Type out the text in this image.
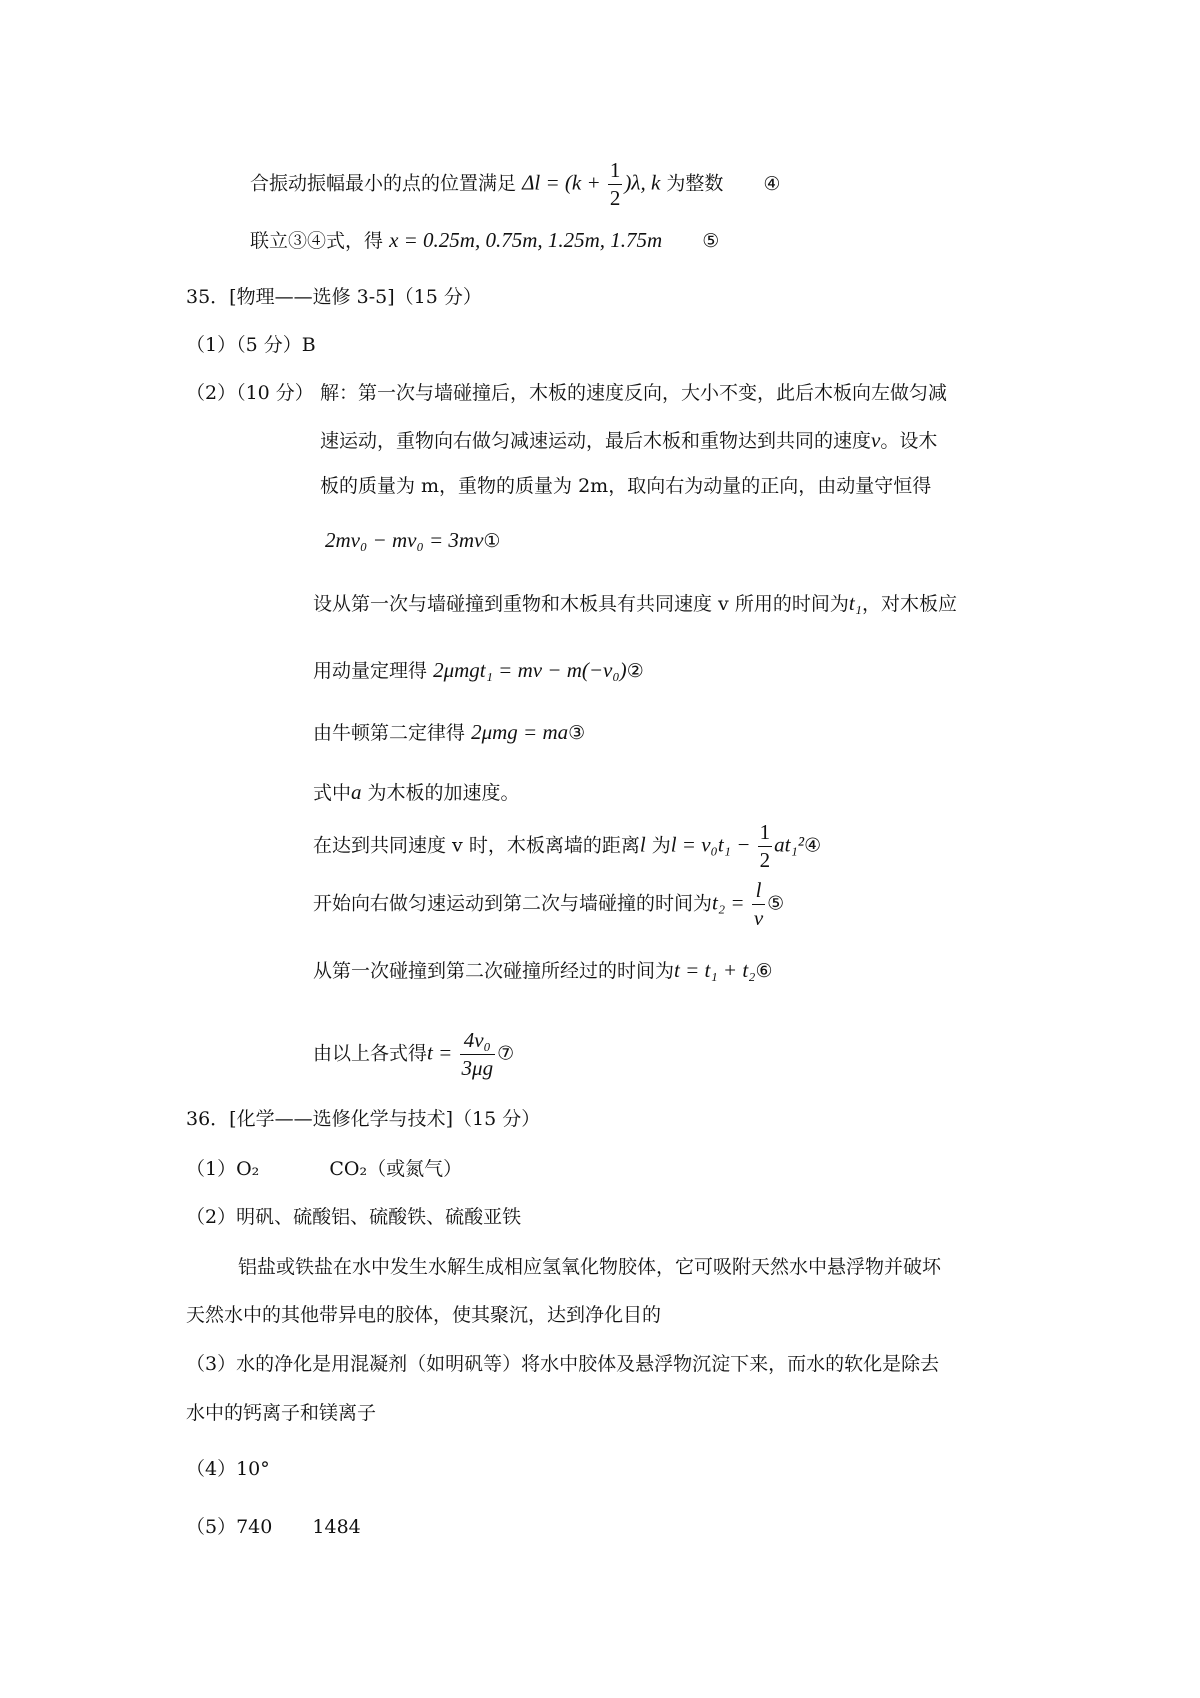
合振动振幅最小的点的位置满足 $\Delta l = (k + \frac{1}{2} )\lambda$, k 为整数 ④
联立③④式，得 x = 0.25m, 0.75m, 1.25m, 1.75m ⑤
35．[物理——选修 3-5]（15 分）
（1）（5 分）B
（2）（10 分） 解：第一次与墙碰撞后，木板的速度反向，大小不变，此后木板向左做匀减
速运动，重物向右做匀减速运动，最后木板和重物达到共同的速度v。设木
板的质量为 m，重物的质量为 2m，取向右为动量的正向，由动量守恒得
2mv₀ − mv₀ = 3mv①
设从第一次与墙碰撞到重物和木板具有共同速度 v 所用的时间为t₁，对木板应
用动量定理得 2μmgt₁ = mv − m(−v₀)②
由牛顿第二定律得 2μmg = ma③
式中a 为木板的加速度。
在达到共同速度 v 时，木板离墙的距离l 为$l = v_0t_1 - \frac{1}{2}$ at₁²④
开始向右做匀速运动到第二次与墙碰撞的时间为$t_2 = \frac{l}{v}$ ⑤
从第一次碰撞到第二次碰撞所经过的时间为t = t₁ + t₂⑥
由以上各式得$t = \frac{\text{4v₀}}{3\mu g}$ ⑦
36．[化学——选修化学与技术]（15 分）
（1）O₂	CO₂（或氮气）
（2）明矾、硫酸铝、硫酸铁、硫酸亚铁
铝盐或铁盐在水中发生水解生成相应氢氧化物胶体，它可吸附天然水中悬浮物并破坏
天然水中的其他带异电的胶体，使其聚沉，达到净化目的
（3）水的净化是用混凝剂（如明矾等）将水中胶体及悬浮物沉淀下来，而水的软化是除去
水中的钙离子和镁离子
（4）10°
（5）740 1484
